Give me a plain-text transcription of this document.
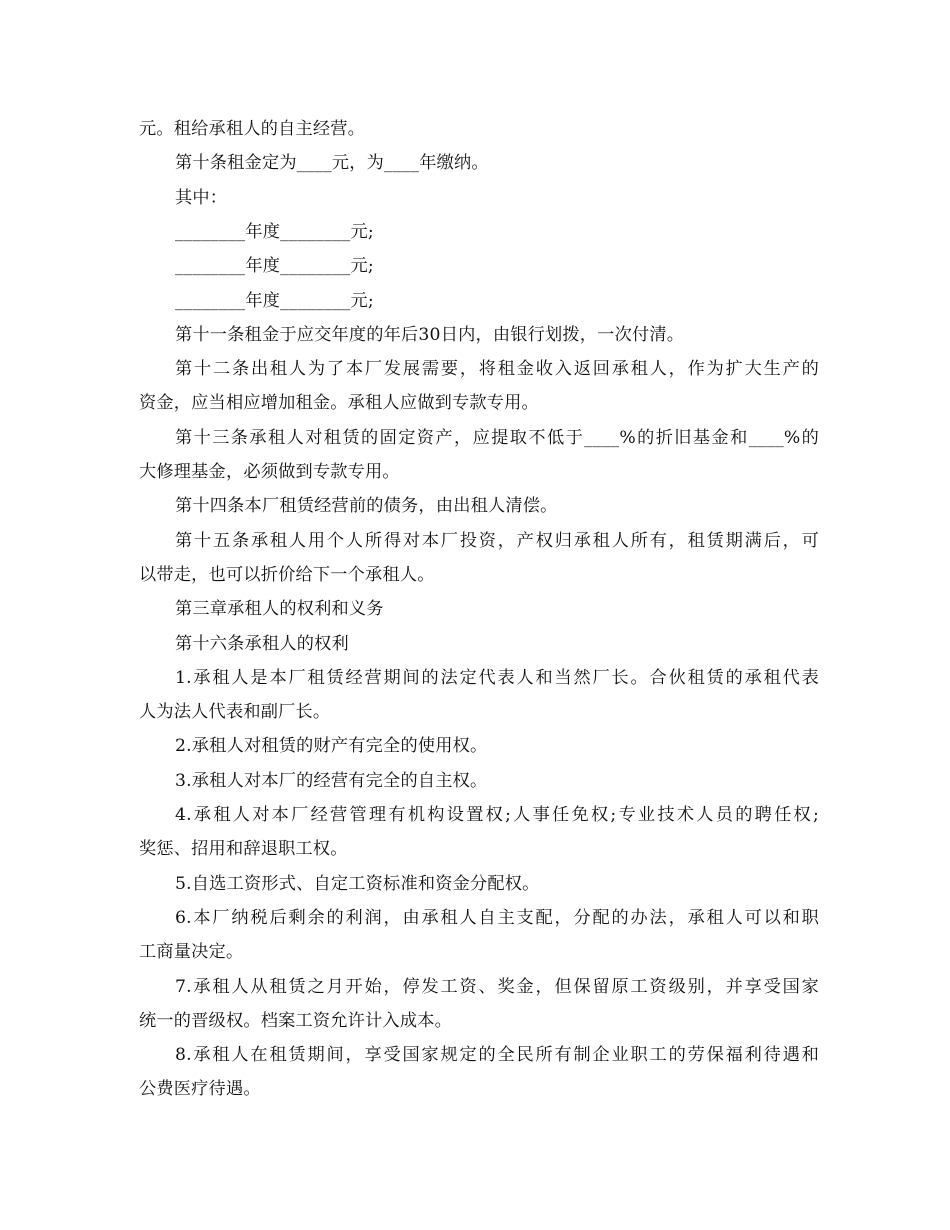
元。租给承租人的自主经营。
第十条租金定为____元，为____年缴纳。
其中：
________年度________元;
________年度________元;
________年度________元;
第十一条租金于应交年度的年后30日内，由银行划拨，一次付清。
第十二条出租人为了本厂发展需要，将租金收入返回承租人，作为扩大生产的
资金，应当相应增加租金。承租人应做到专款专用。
第十三条承租人对租赁的固定资产，应提取不低于____%的折旧基金和____%的
大修理基金，必须做到专款专用。
第十四条本厂租赁经营前的债务，由出租人清偿。
第十五条承租人用个人所得对本厂投资，产权归承租人所有，租赁期满后，可
以带走，也可以折价给下一个承租人。
第三章承租人的权利和义务
第十六条承租人的权利
1.承租人是本厂租赁经营期间的法定代表人和当然厂长。合伙租赁的承租代表
人为法人代表和副厂长。
2.承租人对租赁的财产有完全的使用权。
3.承租人对本厂的经营有完全的自主权。
4.承租人对本厂经营管理有机构设置权;人事任免权;专业技术人员的聘任权;
奖惩、招用和辞退职工权。
5.自选工资形式、自定工资标准和资金分配权。
6.本厂纳税后剩余的利润，由承租人自主支配，分配的办法，承租人可以和职
工商量决定。
7.承租人从租赁之月开始，停发工资、奖金，但保留原工资级别，并享受国家
统一的晋级权。档案工资允许计入成本。
8.承租人在租赁期间，享受国家规定的全民所有制企业职工的劳保福利待遇和
公费医疗待遇。
